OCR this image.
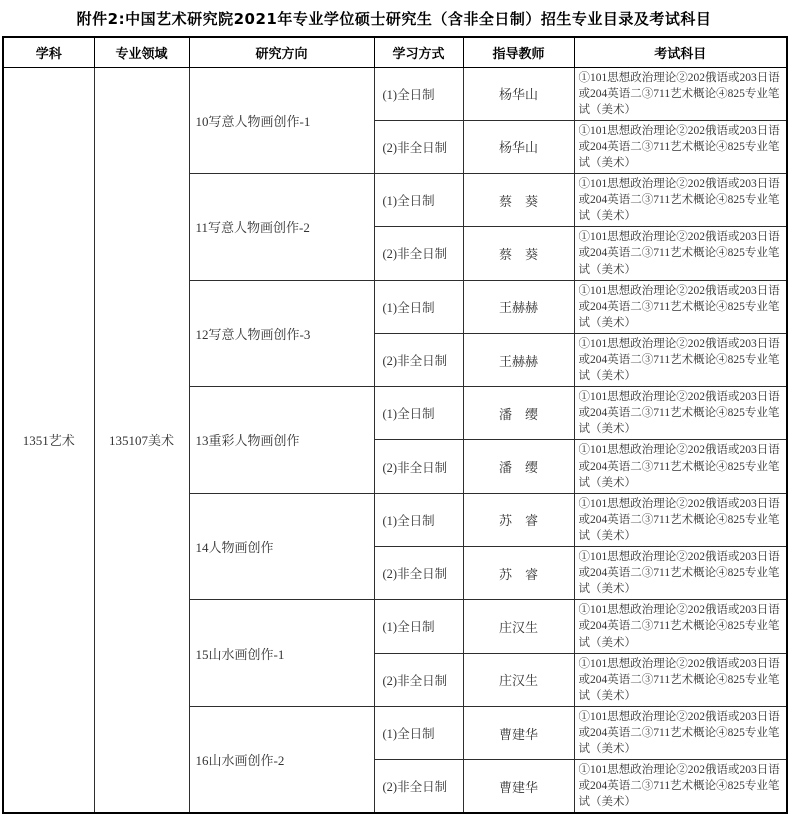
附件2:中国艺术研究院2021年专业学位硕士研究生（含非全日制）招生专业目录及考试科目
学科	专业领域	研究方向	学习方式	指导教师	考试科目
1351艺术	135107美术	10写意人物画创作-1	(1)全日制	杨华山	①101思想政治理论②202俄语或203日语或204英语二③711艺术概论④825专业笔试（美术）
			(2)非全日制	杨华山	①101思想政治理论②202俄语或203日语或204英语二③711艺术概论④825专业笔试（美术）
		11写意人物画创作-2	(1)全日制	蔡　葵	①101思想政治理论②202俄语或203日语或204英语二③711艺术概论④825专业笔试（美术）
			(2)非全日制	蔡　葵	①101思想政治理论②202俄语或203日语或204英语二③711艺术概论④825专业笔试（美术）
		12写意人物画创作-3	(1)全日制	王赫赫	①101思想政治理论②202俄语或203日语或204英语二③711艺术概论④825专业笔试（美术）
			(2)非全日制	王赫赫	①101思想政治理论②202俄语或203日语或204英语二③711艺术概论④825专业笔试（美术）
		13重彩人物画创作	(1)全日制	潘　缨	①101思想政治理论②202俄语或203日语或204英语二③711艺术概论④825专业笔试（美术）
			(2)非全日制	潘　缨	①101思想政治理论②202俄语或203日语或204英语二③711艺术概论④825专业笔试（美术）
		14人物画创作	(1)全日制	苏　睿	①101思想政治理论②202俄语或203日语或204英语二③711艺术概论④825专业笔试（美术）
			(2)非全日制	苏　睿	①101思想政治理论②202俄语或203日语或204英语二③711艺术概论④825专业笔试（美术）
		15山水画创作-1	(1)全日制	庄汉生	①101思想政治理论②202俄语或203日语或204英语二③711艺术概论④825专业笔试（美术）
			(2)非全日制	庄汉生	①101思想政治理论②202俄语或203日语或204英语二③711艺术概论④825专业笔试（美术）
		16山水画创作-2	(1)全日制	曹建华	①101思想政治理论②202俄语或203日语或204英语二③711艺术概论④825专业笔试（美术）
			(2)非全日制	曹建华	①101思想政治理论②202俄语或203日语或204英语二③711艺术概论④825专业笔试（美术）
